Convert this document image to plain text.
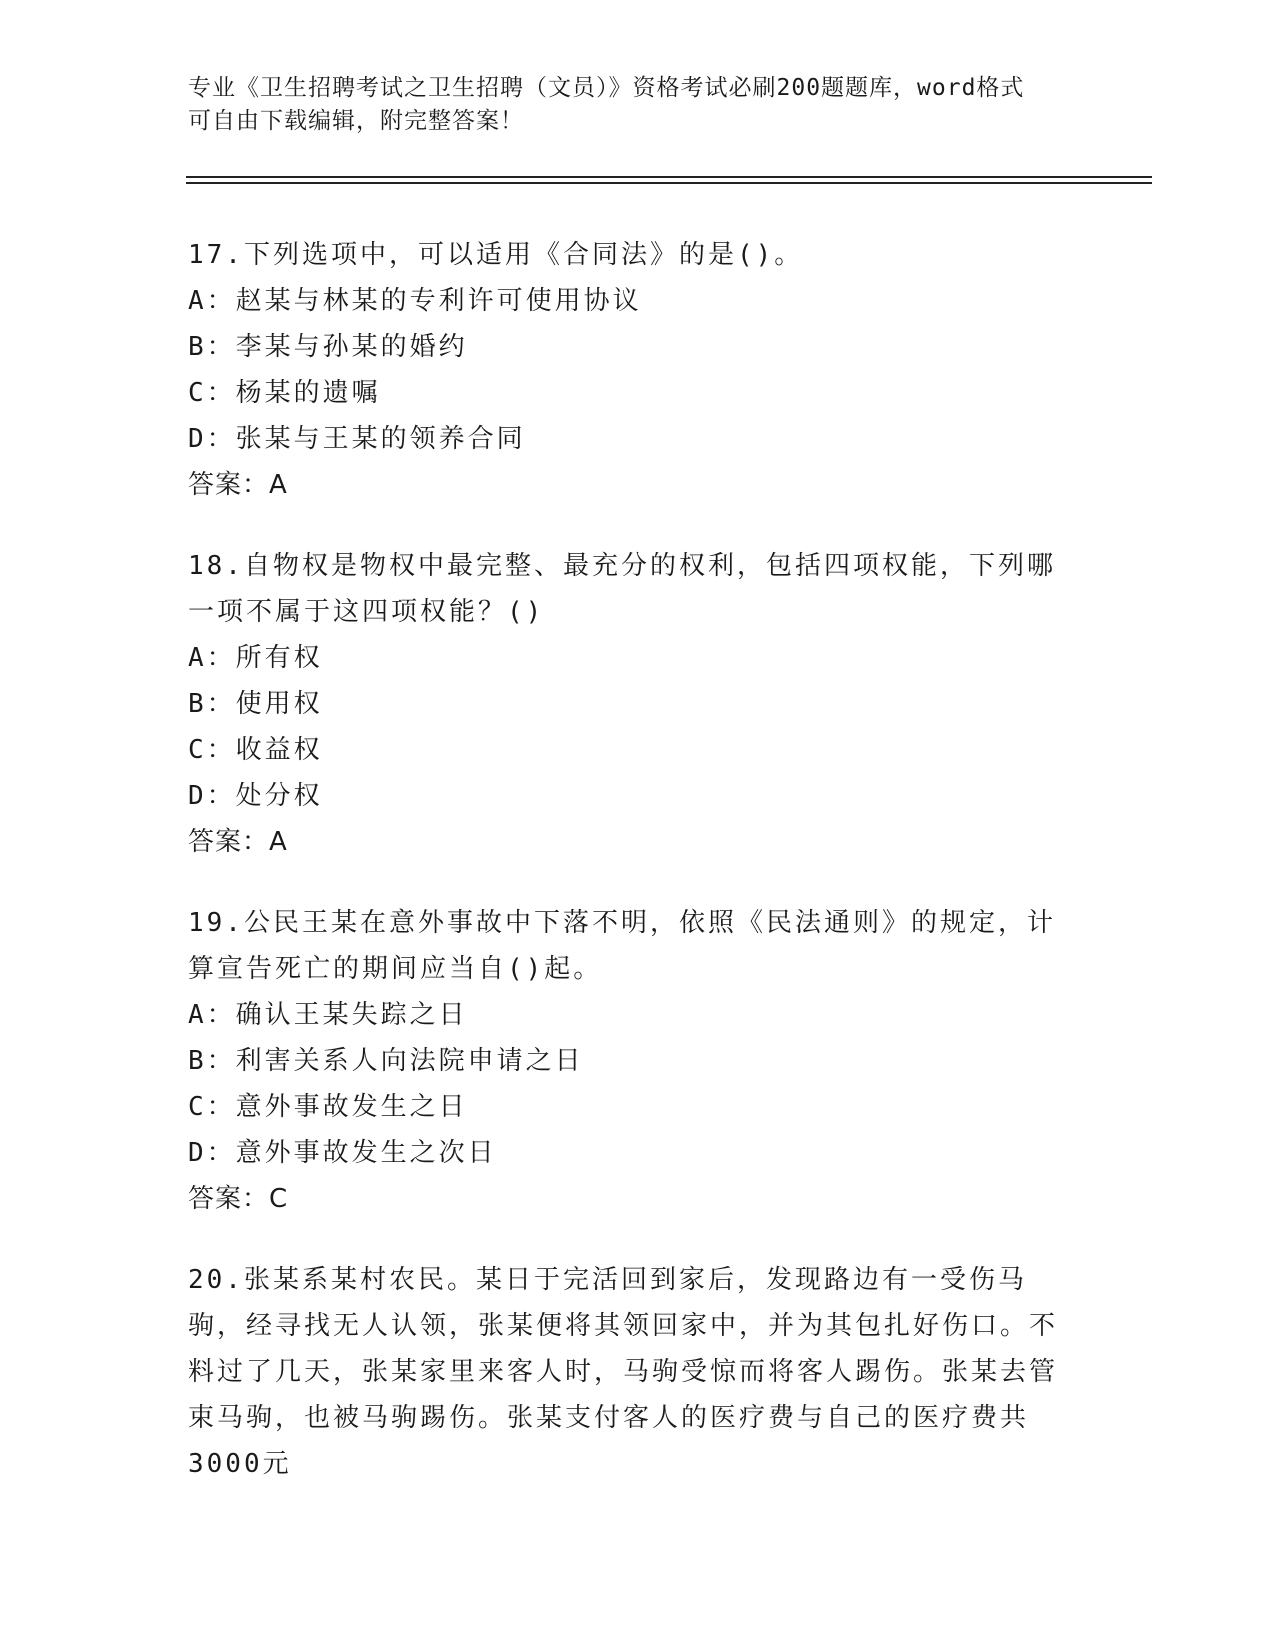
专业《卫生招聘考试之卫生招聘（文员）》资格考试必刷200题题库，word格式
可自由下载编辑，附完整答案！
17.下列选项中，可以适用《合同法》的是()。
A：赵某与林某的专利许可使用协议
B：李某与孙某的婚约
C：杨某的遗嘱
D：张某与王某的领养合同
答案：A
18.自物权是物权中最完整、最充分的权利，包括四项权能，下列哪一项不属于这四项权能？()
A：所有权
B：使用权
C：收益权
D：处分权
答案：A
19.公民王某在意外事故中下落不明，依照《民法通则》的规定，计算宣告死亡的期间应当自()起。
A：确认王某失踪之日
B：利害关系人向法院申请之日
C：意外事故发生之日
D：意外事故发生之次日
答案：C
20.张某系某村农民。某日于完活回到家后，发现路边有一受伤马驹，经寻找无人认领，张某便将其领回家中，并为其包扎好伤口。不料过了几天，张某家里来客人时，马驹受惊而将客人踢伤。张某去管束马驹，也被马驹踢伤。张某支付客人的医疗费与自己的医疗费共3000元
